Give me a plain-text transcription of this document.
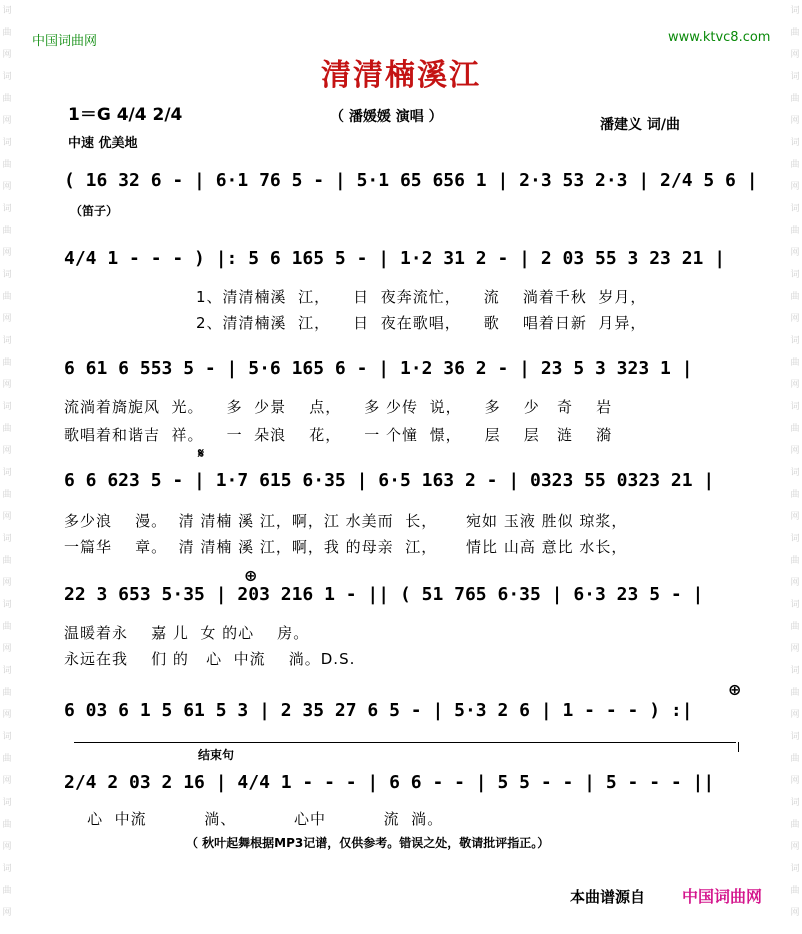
词
曲
网
词
曲
网
词
曲
网
词
曲
网
词
曲
网
词
曲
网
词
曲
网
词
曲
网
词
曲
网
词
曲
网
词
曲
网
词
曲
网
词
曲
网
词
曲
网
词
曲
网
词
曲
网
词
曲
网
词
曲
网
词
曲
网
词
曲
网
词
曲
网
词
曲
网
词
曲
网
词
曲
网
词
曲
网
词
曲
网
词
曲
网
词
曲
网
中国词曲网	www.ktvc8.com
清清楠溪江
1＝G 4/4 2/4
中速 优美地
（ 潘媛媛 演唱 ）	潘建义 词/曲
( 16 32 6 - | 6·1 76 5 - | 5·1 65 656 1 | 2·3 53 2·3 | 2/4 5 6 |
（笛子）
4/4 1 - - - ) |: 5 6 165 5 - | 1·2 31 2 - | 2 03 55 3 23 21 |
1、清清楠溪  江，    日  夜奔流忙，    流    淌着千秋  岁月，
2、清清楠溪  江，    日  夜在歌唱，    歌    唱着日新  月异，
6 61 6 553 5 - | 5·6 165 6 - | 1·2 36 2 - | 23 5 3 323 1 |
流淌着旖旎风  光。    多  少景    点，    多 少传  说，    多    少   奇    岩
歌唱着和谐吉  祥。    一  朵浪    花，    一 个憧  憬，    层    层   涟    漪
𝄋
6 6 623 5 - | 1·7 615 6·35 | 6·5 163 2 - | 0323 55 0323 21 |
多少浪    漫。  清 清楠 溪 江，啊，江 水美而  长，     宛如 玉液 胜似 琼浆，
一篇华    章。  清 清楠 溪 江，啊，我 的母亲  江，     情比 山高 意比 水长，
⊕
22 3 653 5·35 | 203 216 1 - || ( 51 765 6·35 | 6·3 23 5 - |
温暖着永    嘉 儿  女 的心    房。
永远在我    们 的   心  中流    淌。D.S.
⊕
6 03 6 1 5 61 5 3 | 2 35 27 6 5 - | 5·3 2 6 | 1 - - - ) :|
结束句
2/4 2 03 2 16 | 4/4 1 - - - | 6 6 - - | 5 5 - - | 5 - - - ||
心  中流          淌、          心中          流  淌。
（ 秋叶起舞根据MP3记谱，仅供参考。错误之处，敬请批评指正。）
本曲谱源自 中国词曲网
